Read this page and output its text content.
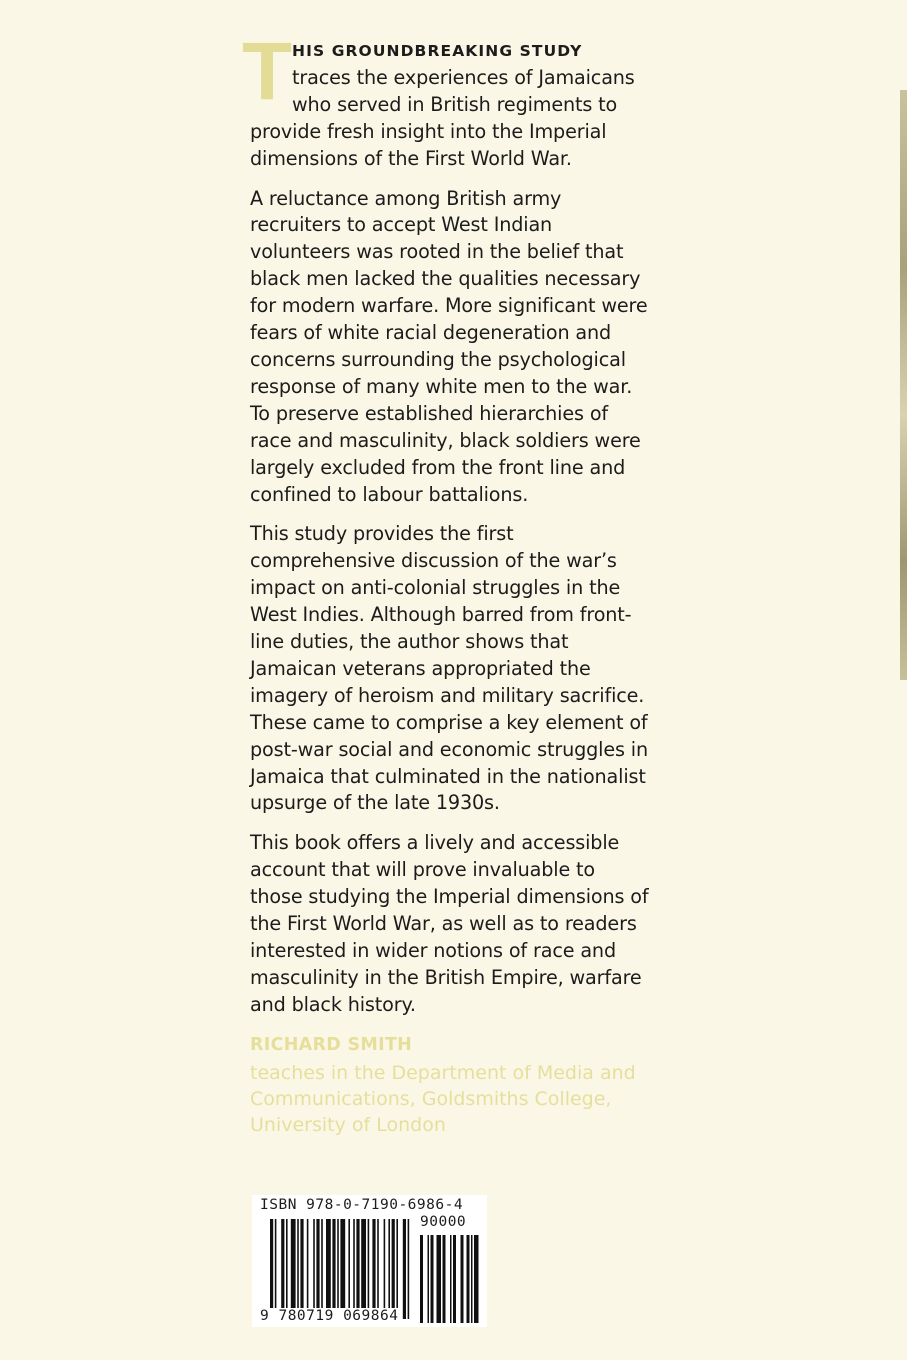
T HIS GROUNDBREAKING STUDY
traces the experiences of Jamaicans
who served in British regiments to
provide fresh insight into the Imperial dimensions of the First World War.

A reluctance among British army recruiters to accept West Indian volunteers was rooted in the belief that black men lacked the qualities necessary for modern warfare. More significant were fears of white racial degeneration and concerns surrounding the psychological response of many white men to the war. To preserve established hierarchies of race and masculinity, black soldiers were largely excluded from the front line and confined to labour battalions.

This study provides the first comprehensive discussion of the war’s impact on anti-colonial struggles in the West Indies. Although barred from front-line duties, the author shows that Jamaican veterans appropriated the imagery of heroism and military sacrifice. These came to comprise a key element of post-war social and economic struggles in Jamaica that culminated in the nationalist upsurge of the late 1930s.

This book offers a lively and accessible account that will prove invaluable to those studying the Imperial dimensions of the First World War, as well as to readers interested in wider notions of race and masculinity in the British Empire, warfare and black history.

RICHARD SMITH
teaches in the Department of Media and Communications, Goldsmiths College, University of London
ISBN 978-0-7190-6986-4
90000
9 780719 069864
